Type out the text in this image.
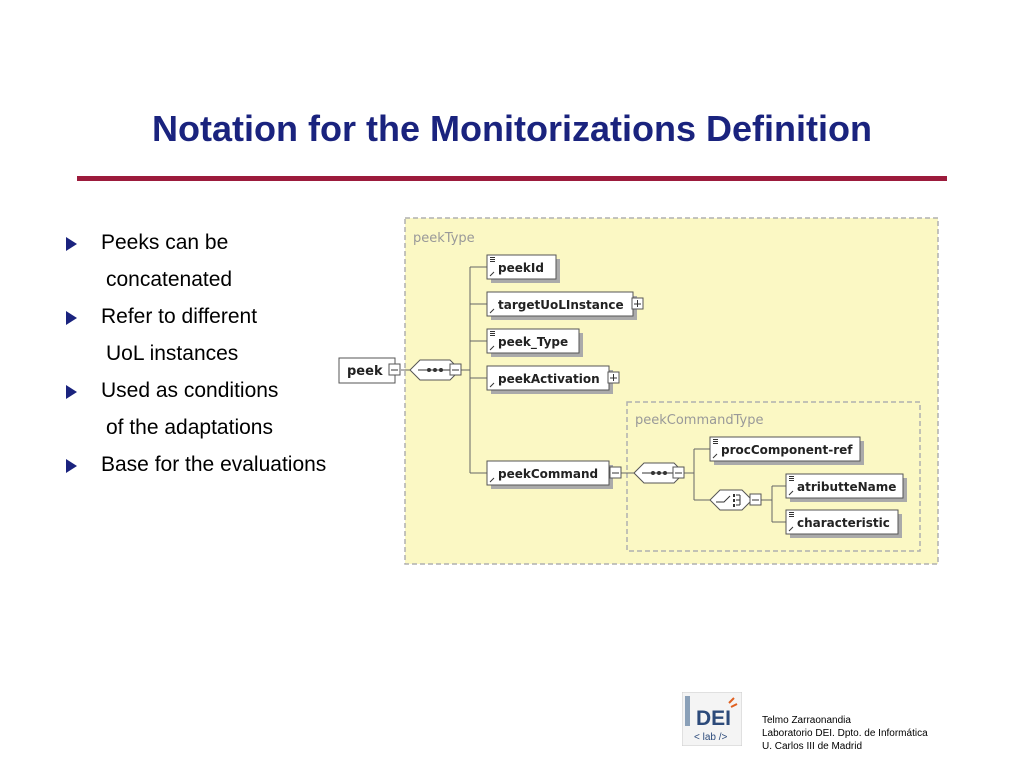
Notation for the Monitorizations Definition
Peeks can be
concatenated
Refer to different
UoL instances
Used as conditions
of the adaptations
Base for the evaluations
peekType
peekCommandType
peek
peekId
targetUoLInstance
peek_Type
peekActivation
peekCommand
procComponent-ref
atributteName
characteristic
DEI
< lab />
Telmo Zarraonandia
Laboratorio DEI. Dpto. de Informática
U. Carlos III de Madrid
